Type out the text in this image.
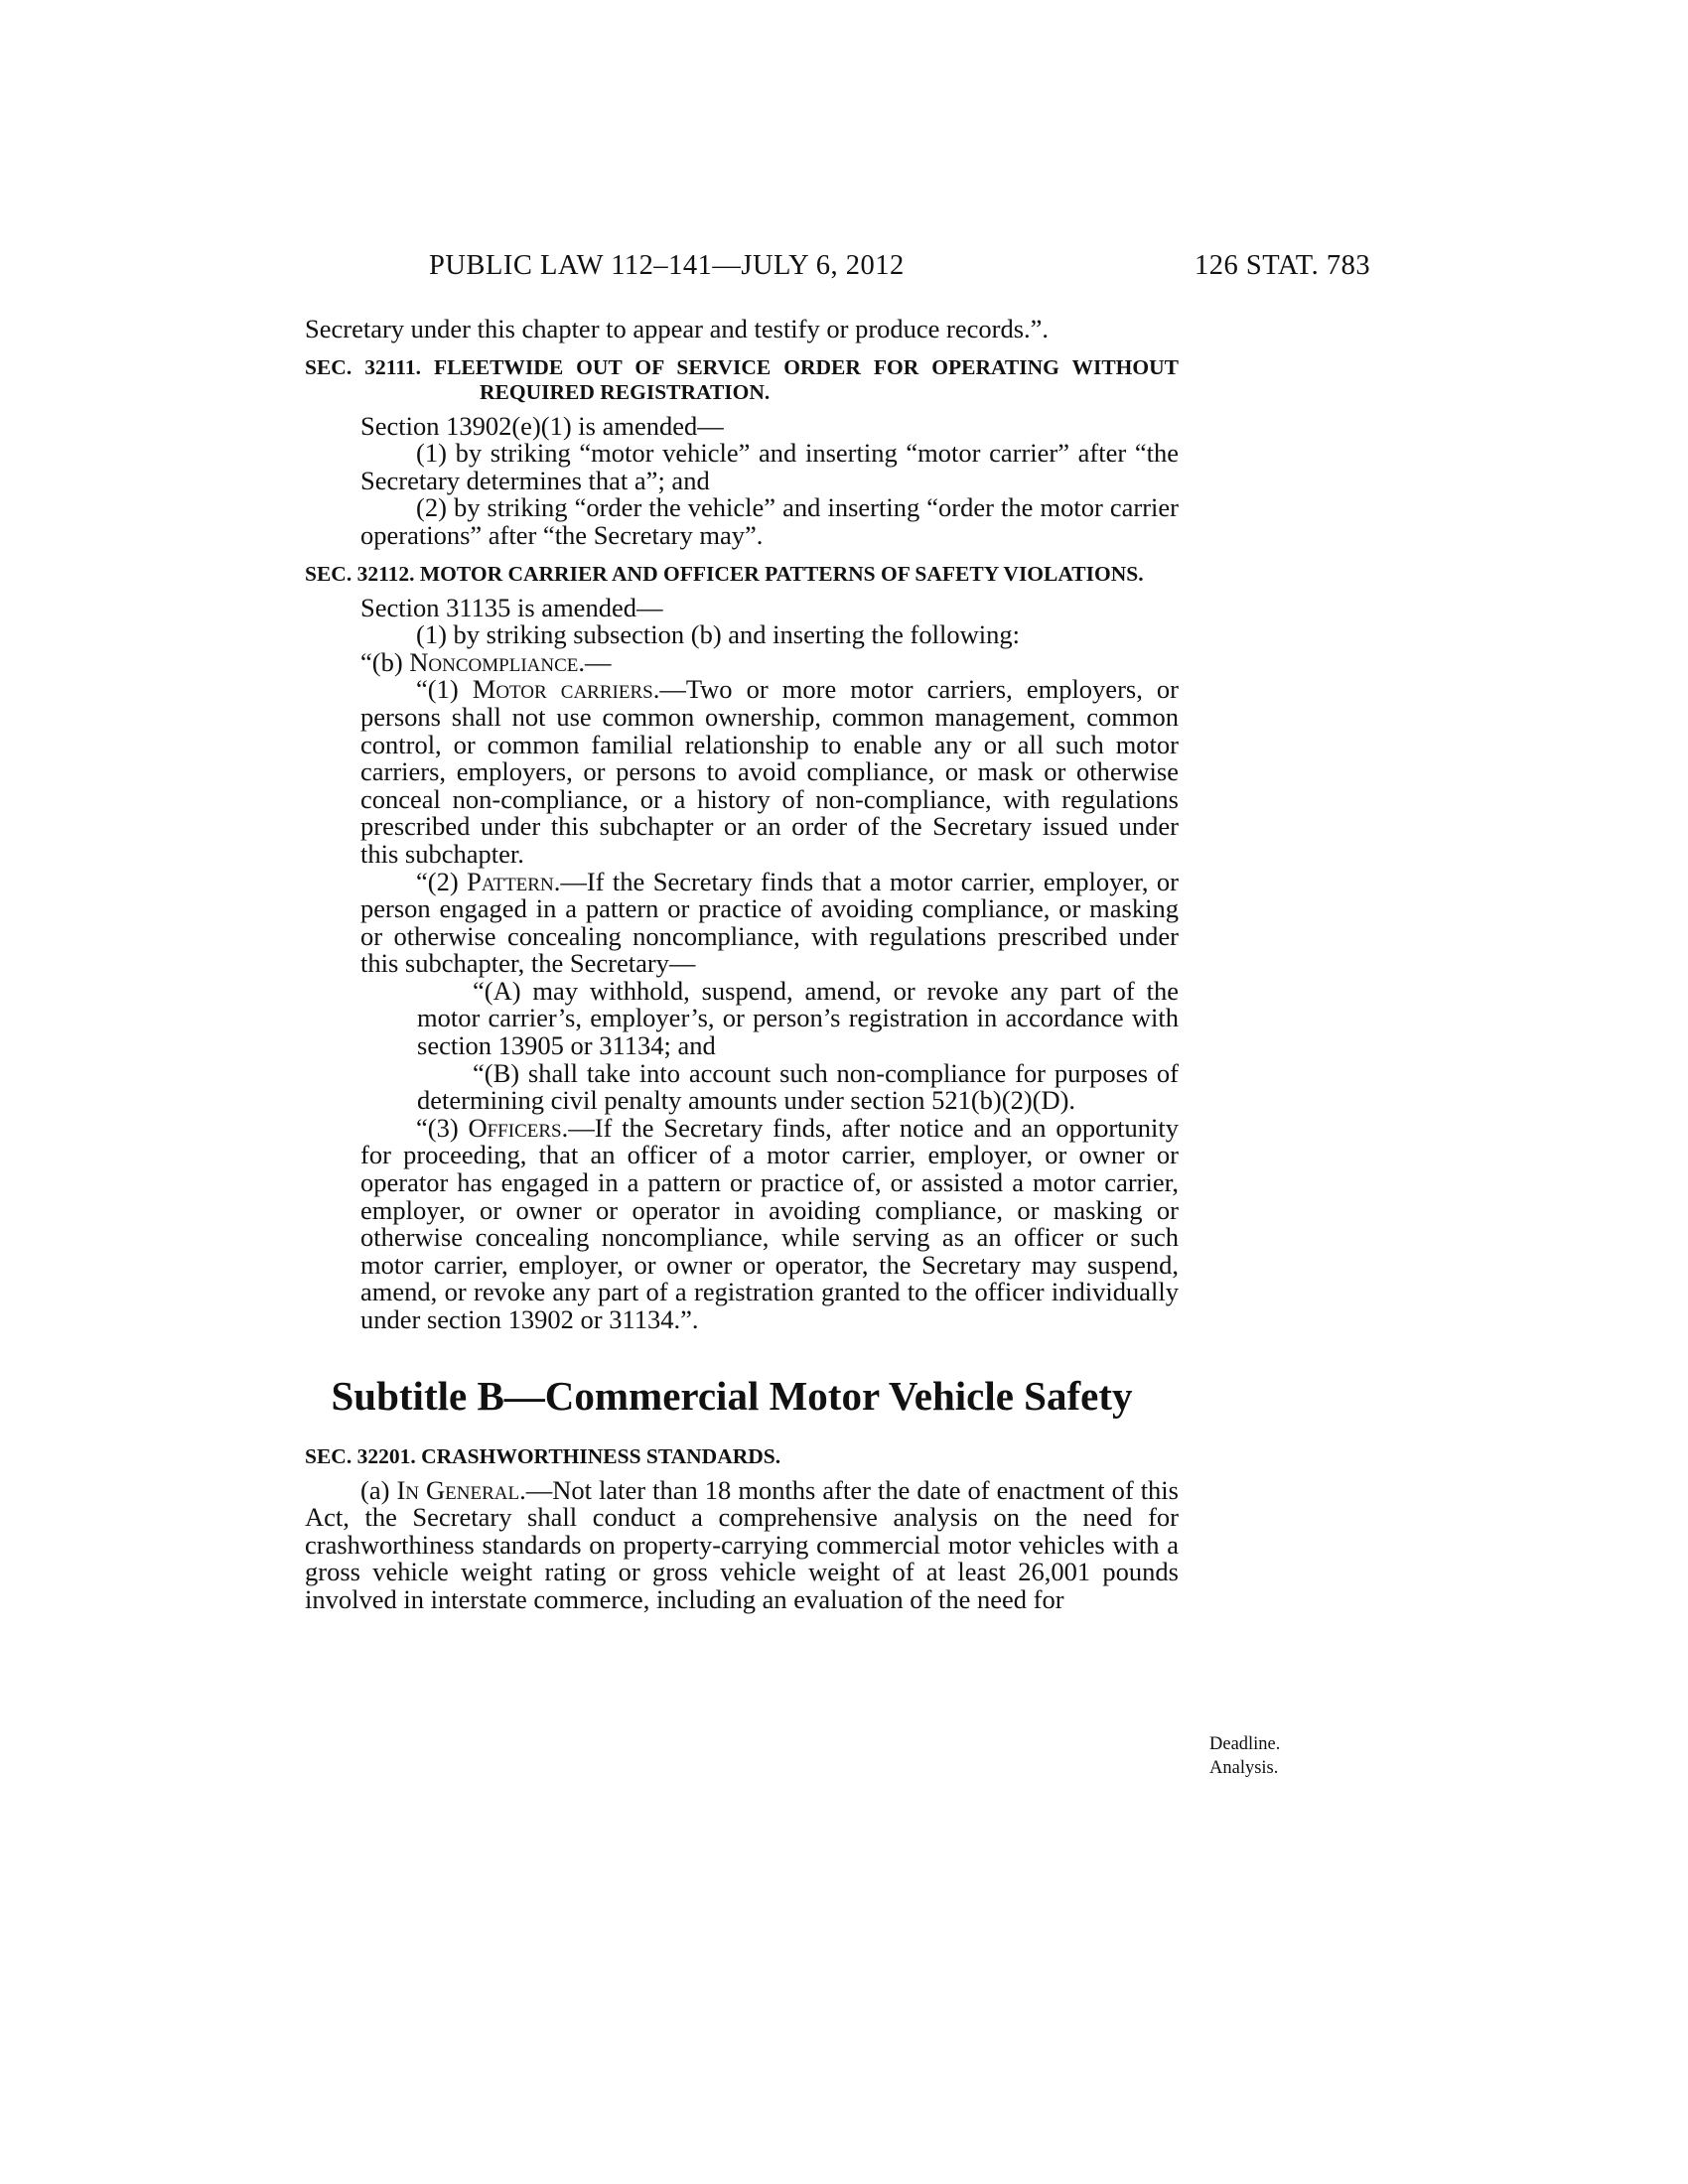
PUBLIC LAW 112–141—JULY 6, 2012	126 STAT. 783

Secretary under this chapter to appear and testify or produce records.”.

SEC. 32111. FLEETWIDE OUT OF SERVICE ORDER FOR OPERATING WITHOUT REQUIRED REGISTRATION.

Section 13902(e)(1) is amended—

(1) by striking “motor vehicle” and inserting “motor carrier” after “the Secretary determines that a”; and

(2) by striking “order the vehicle” and inserting “order the motor carrier operations” after “the Secretary may”.

SEC. 32112. MOTOR CARRIER AND OFFICER PATTERNS OF SAFETY VIOLATIONS.

Section 31135 is amended—

(1) by striking subsection (b) and inserting the following:

“(b) Noncompliance.—

“(1) Motor carriers.—Two or more motor carriers, employers, or persons shall not use common ownership, common management, common control, or common familial relationship to enable any or all such motor carriers, employers, or persons to avoid compliance, or mask or otherwise conceal non-compliance, or a history of non-compliance, with regulations prescribed under this subchapter or an order of the Secretary issued under this subchapter.

“(2) Pattern.—If the Secretary finds that a motor carrier, employer, or person engaged in a pattern or practice of avoiding compliance, or masking or otherwise concealing noncompliance, with regulations prescribed under this subchapter, the Secretary—

“(A) may withhold, suspend, amend, or revoke any part of the motor carrier’s, employer’s, or person’s registration in accordance with section 13905 or 31134; and

“(B) shall take into account such non-compliance for purposes of determining civil penalty amounts under section 521(b)(2)(D).

“(3) Officers.—If the Secretary finds, after notice and an opportunity for proceeding, that an officer of a motor carrier, employer, or owner or operator has engaged in a pattern or practice of, or assisted a motor carrier, employer, or owner or operator in avoiding compliance, or masking or otherwise concealing noncompliance, while serving as an officer or such motor carrier, employer, or owner or operator, the Secretary may suspend, amend, or revoke any part of a registration granted to the officer individually under section 13902 or 31134.”.

Subtitle B—Commercial Motor Vehicle Safety
SEC. 32201. CRASHWORTHINESS STANDARDS.

(a) In General.—Not later than 18 months after the date of enactment of this Act, the Secretary shall conduct a comprehensive analysis on the need for crashworthiness standards on property-carrying commercial motor vehicles with a gross vehicle weight rating or gross vehicle weight of at least 26,001 pounds involved in interstate commerce, including an evaluation of the need for

Deadline.
Analysis.
